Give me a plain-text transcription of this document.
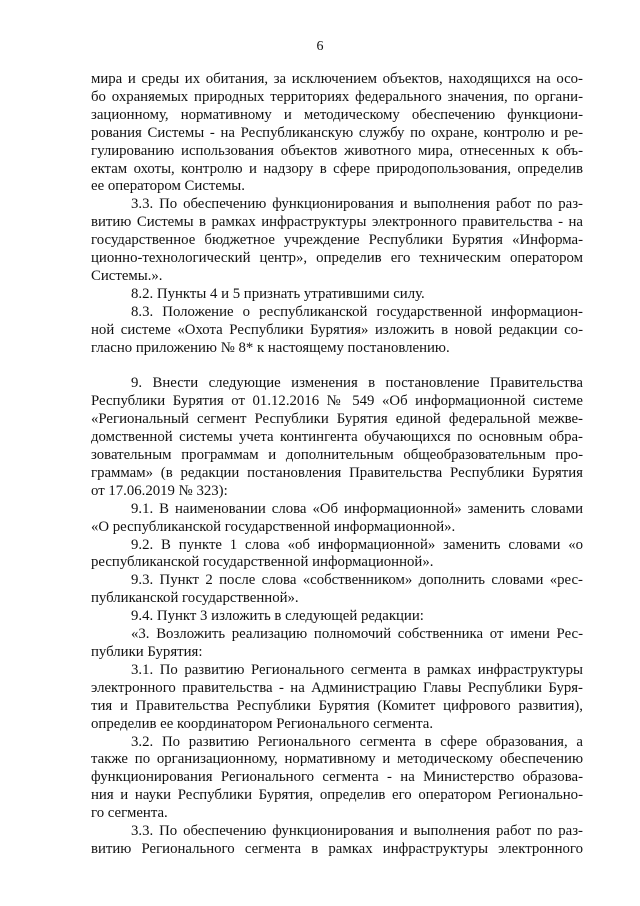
6
мира и среды их обитания, за исключением объектов, находящихся на осо-
бо охраняемых природных территориях федерального значения, по органи-
зационному, нормативному и методическому обеспечению функциони-
рования Системы - на Республиканскую службу по охране, контролю и ре-
гулированию использования объектов животного мира, отнесенных к объ-
ектам охоты, контролю и надзору в сфере природопользования, определив
ее оператором Системы.
3.3. По обеспечению функционирования и выполнения работ по раз-
витию Системы в рамках инфраструктуры электронного правительства - на
государственное бюджетное учреждение Республики Бурятия «Информа-
ционно-технологический центр», определив его техническим оператором
Системы.».
8.2. Пункты 4 и 5 признать утратившими силу.
8.3. Положение о республиканской государственной информацион-
ной системе «Охота Республики Бурятия» изложить в новой редакции со-
гласно приложению № 8* к настоящему постановлению.
9. Внести следующие изменения в постановление Правительства
Республики Бурятия от 01.12.2016 № 549 «Об информационной системе
«Региональный сегмент Республики Бурятия единой федеральной межве-
домственной системы учета контингента обучающихся по основным обра-
зовательным программам и дополнительным общеобразовательным про-
граммам» (в редакции постановления Правительства Республики Бурятия
от 17.06.2019 № 323):
9.1. В наименовании слова «Об информационной» заменить словами
«О республиканской государственной информационной».
9.2. В пункте 1 слова «об информационной» заменить словами «о
республиканской государственной информационной».
9.3. Пункт 2 после слова «собственником» дополнить словами «рес-
публиканской государственной».
9.4. Пункт 3 изложить в следующей редакции:
«3. Возложить реализацию полномочий собственника от имени Рес-
публики Бурятия:
3.1. По развитию Регионального сегмента в рамках инфраструктуры
электронного правительства - на Администрацию Главы Республики Буря-
тия и Правительства Республики Бурятия (Комитет цифрового развития),
определив ее координатором Регионального сегмента.
3.2. По развитию Регионального сегмента в сфере образования, а
также по организационному, нормативному и методическому обеспечению
функционирования Регионального сегмента - на Министерство образова-
ния и науки Республики Бурятия, определив его оператором Регионально-
го сегмента.
3.3. По обеспечению функционирования и выполнения работ по раз-
витию Регионального сегмента в рамках инфраструктуры электронного
